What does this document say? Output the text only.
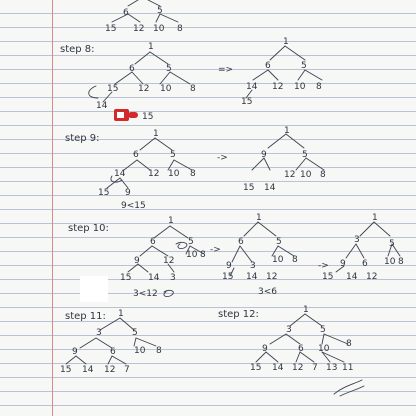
6	5
15 12 10 8
step 8:	1
6	5
15 12 10 8
14
=>
1
6	5
14 12 10 8
15
15
step 9:	1
6	5
14	12 10 8
15 9
9<15
->
1
9	5
15 14
12 10 8
step 10:
1
6	5
9	12
10 8
15 14 3
3<12
->
1
6	5
9 3
10 8
15 14 12
3<6
->
1
3	5
9 6 10 8
15 14 12
step 11: 1
3	5
9	6 10 8
15 14 12 7
step 12:	1
3	5
9	6 10 8
15 14 12 7 13 11
